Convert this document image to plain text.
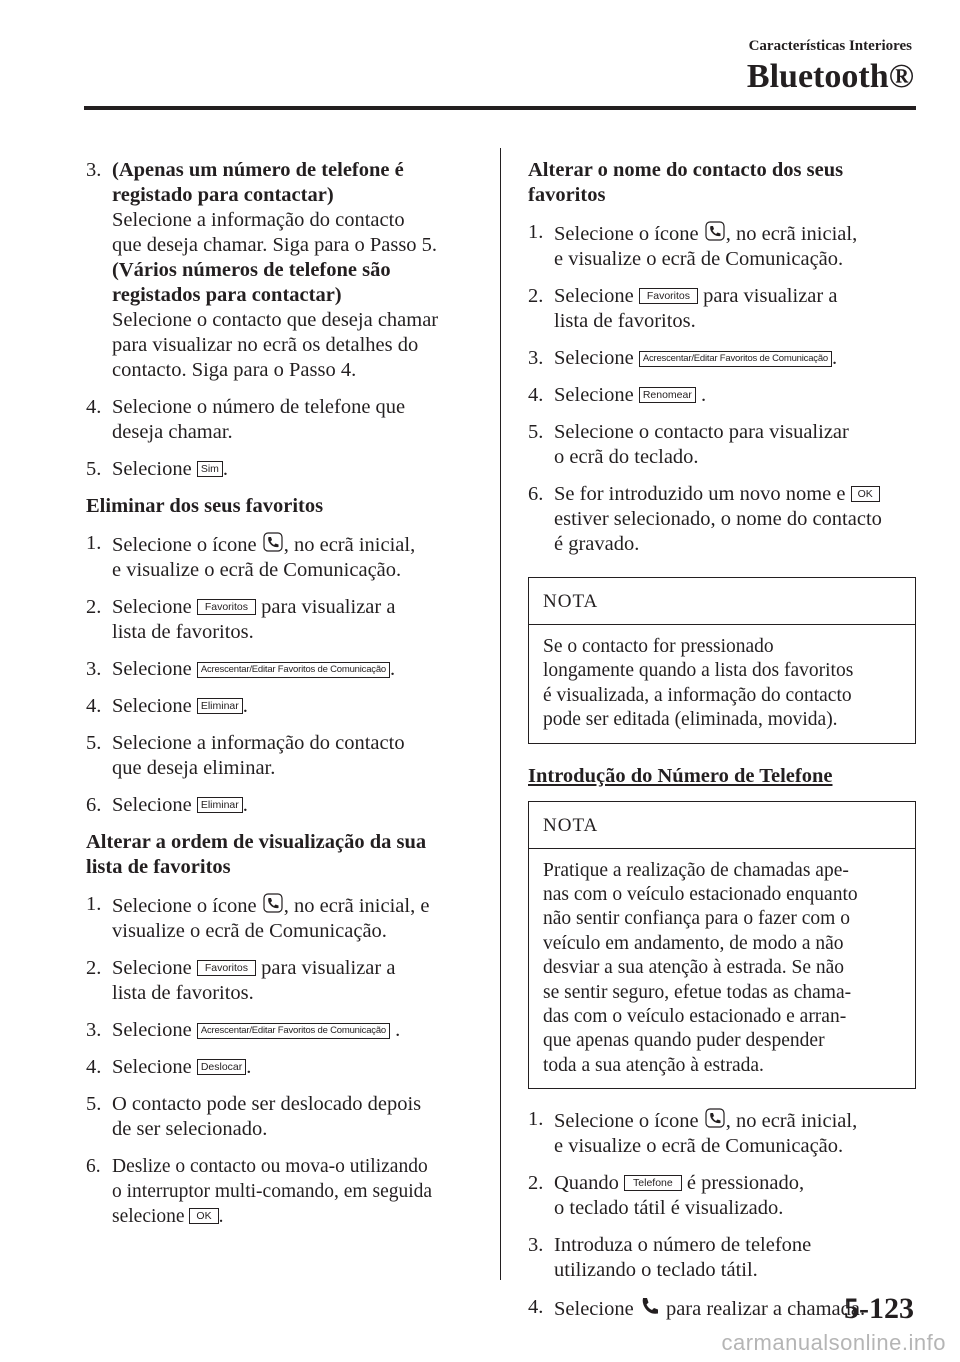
Características Interiores
Bluetooth®
3. (Apenas um número de telefone é
registado para contactar)
Selecione a informação do contacto
que deseja chamar. Siga para o Passo 5.
(Vários números de telefone são
registados para contactar)
Selecione o contacto que deseja chamar
para visualizar no ecrã os detalhes do
contacto. Siga para o Passo 4.
4. Selecione o número de telefone que
deseja chamar.
5. Selecione Sim .
Eliminar dos seus favoritos
1. Selecione o ícone , no ecrã inicial,
e visualize o ecrã de Comunicação.
2. Selecione Favoritos para visualizar a
lista de favoritos.
3. Selecione Acrescentar/Editar Favoritos de Comunicação .
4. Selecione Eliminar .
5. Selecione a informação do contacto
que deseja eliminar.
6. Selecione Eliminar .
Alterar a ordem de visualização da sua
lista de favoritos
1. Selecione o ícone , no ecrã inicial, e
visualize o ecrã de Comunicação.
2. Selecione Favoritos para visualizar a
lista de favoritos.
3. Selecione Acrescentar/Editar Favoritos de Comunicação .
4. Selecione Deslocar .
5. O contacto pode ser deslocado depois
de ser selecionado.
6. Deslize o contacto ou mova-o utilizando
o interruptor multi-comando, em seguida
selecione OK .
Alterar o nome do contacto dos seus
favoritos
1. Selecione o ícone , no ecrã inicial,
e visualize o ecrã de Comunicação.
2. Selecione Favoritos para visualizar a
lista de favoritos.
3. Selecione Acrescentar/Editar Favoritos de Comunicação .
4. Selecione Renomear .
5. Selecione o contacto para visualizar
o ecrã do teclado.
6. Se for introduzido um novo nome e OK
estiver selecionado, o nome do contacto
é gravado.
NOTA
Se o contacto for pressionado
longamente quando a lista dos favoritos
é visualizada, a informação do contacto
pode ser editada (eliminada, movida).
Introdução do Número de Telefone
NOTA
Pratique a realização de chamadas ape-
nas com o veículo estacionado enquanto
não sentir confiança para o fazer com o
veículo em andamento, de modo a não
desviar a sua atenção à estrada. Se não
se sentir seguro, efetue todas as chama-
das com o veículo estacionado e arran-
que apenas quando puder despender
toda a sua atenção à estrada.
1. Selecione o ícone , no ecrã inicial,
e visualize o ecrã de Comunicação.
2. Quando Telefone é pressionado,
o teclado tátil é visualizado.
3. Introduza o número de telefone
utilizando o teclado tátil.
4. Selecione para realizar a chamada.
5-123
carmanualsonline.info
